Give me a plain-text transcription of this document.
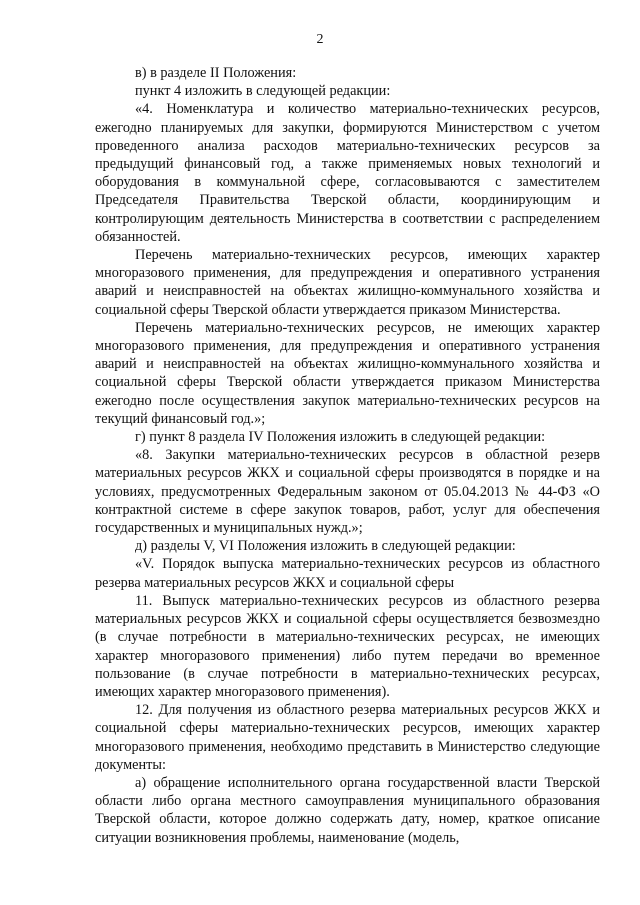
2

в) в разделе II Положения:

пункт 4 изложить в следующей редакции:

«4. Номенклатура и количество материально-технических ресурсов, ежегодно планируемых для закупки, формируются Министерством с учетом проведенного анализа расходов материально-технических ресурсов за предыдущий финансовый год, а также применяемых новых технологий и оборудования в коммунальной сфере, согласовываются с заместителем Председателя Правительства Тверской области, координирующим и контролирующим деятельность Министерства в соответствии с распределением обязанностей.

Перечень материально-технических ресурсов, имеющих характер многоразового применения, для предупреждения и оперативного устранения аварий и неисправностей на объектах жилищно-коммунального хозяйства и социальной сферы Тверской области утверждается приказом Министерства.

Перечень материально-технических ресурсов, не имеющих характер многоразового применения, для предупреждения и оперативного устранения аварий и неисправностей на объектах жилищно-коммунального хозяйства и социальной сферы Тверской области утверждается приказом Министерства ежегодно после осуществления закупок материально-технических ресурсов на текущий финансовый год.»;

г) пункт 8 раздела IV Положения изложить в следующей редакции:

«8. Закупки материально-технических ресурсов в областной резерв материальных ресурсов ЖКХ и социальной сферы производятся в порядке и на условиях, предусмотренных Федеральным законом от 05.04.2013 № 44-ФЗ «О контрактной системе в сфере закупок товаров, работ, услуг для обеспечения государственных и муниципальных нужд.»;

д) разделы V, VI Положения изложить в следующей редакции:

«V. Порядок выпуска материально-технических ресурсов из областного резерва материальных ресурсов ЖКХ и социальной сферы

11. Выпуск материально-технических ресурсов из областного резерва материальных ресурсов ЖКХ и социальной сферы осуществляется безвозмездно (в случае потребности в материально-технических ресурсах, не имеющих характер многоразового применения) либо путем передачи во временное пользование (в случае потребности в материально-технических ресурсах, имеющих характер многоразового применения).

12. Для получения из областного резерва материальных ресурсов ЖКХ и социальной сферы материально-технических ресурсов, имеющих характер многоразового применения, необходимо представить в Министерство следующие документы:

а) обращение исполнительного органа государственной власти Тверской области либо органа местного самоуправления муниципального образования Тверской области, которое должно содержать дату, номер, краткое описание ситуации возникновения проблемы, наименование (модель,
